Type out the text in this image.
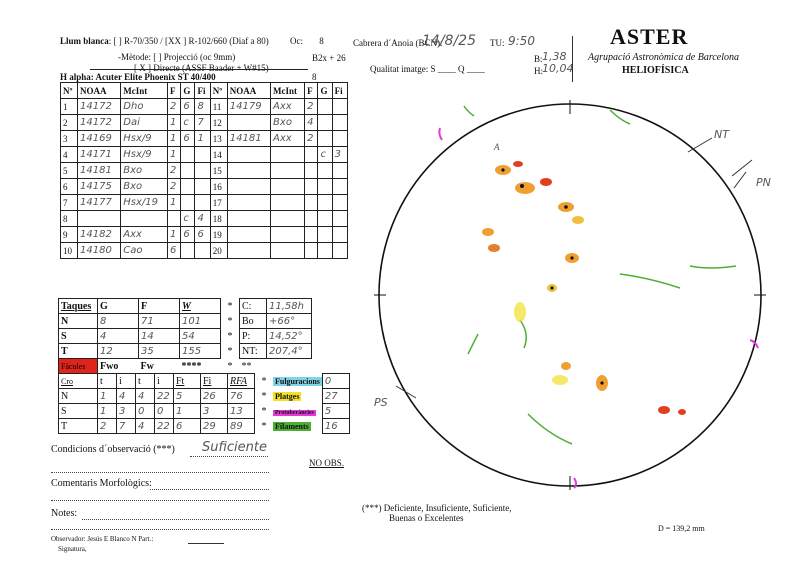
Llum blanca: [ ] R-70/350 / [XX ] R-102/660 (Diaf a 80) Oc: 8
-Mètode: [ ] Projecció (oc 9mm)	B2x + 26
[ X ] Directe (ASSF Baader + W#15)
H alpha: Acuter Elite Phoenix ST 40/400	8
Cabrera d´Anoia (BCN):
14/8/25 TU: 9:50
B: 1,38
Qualitat imatge: S ____ Q ____	H: 10,04
ASTER
Agrupació Astronòmica de Barcelona
HELIOFÍSICA
Nº	NOAA	McInt	F	G	Fi	Nº	NOAA	McInt	F	G	Fi
1	14172	Dho	2	6	8	11	14179	Axx	2		
2	14172	Dai	1	c	7	12		Bxo	4		
3	14169	Hsx/9	1	6	1	13	14181	Axx	2		
4	14171	Hsx/9	1			14				c	3
5	14181	Bxo	2			15					
6	14175	Bxo	2			16					
7	14177	Hsx/19	1			17					
8				c	4	18					
9	14182	Axx	1	6	6	19					
10	14180	Cao	6			20					
Taques	G	F	W	*	C:	11,58h
N	8	71	101	*	Bo	+66°
S	4	14	54	*	P:	14,52°
T	12	35	155	*	NT:	207,4°
Fàcules	Fwo	Fw	****	*	**	
Cro	t	i	t	i	Ft	Fi	RFA	*	Fulguracions	0
N	1	4	4	22	5	26	76	*	Platges	27
S	1	3	0	0	1	3	13	*	Protuberàncies	5
T	2	7	4	22	6	29	89	*	Filaments	16
Condicions d´observació (***) Suficiente
NO OBS.
Comentaris Morfològics:
Notes:
Observador: Jesús E Blanco N Part.:
Signatura,
(***) Deficiente, Insuficiente, Suficiente,
Buenas o Excelentes
D = 139,2 mm
NT
PN
PS
A
